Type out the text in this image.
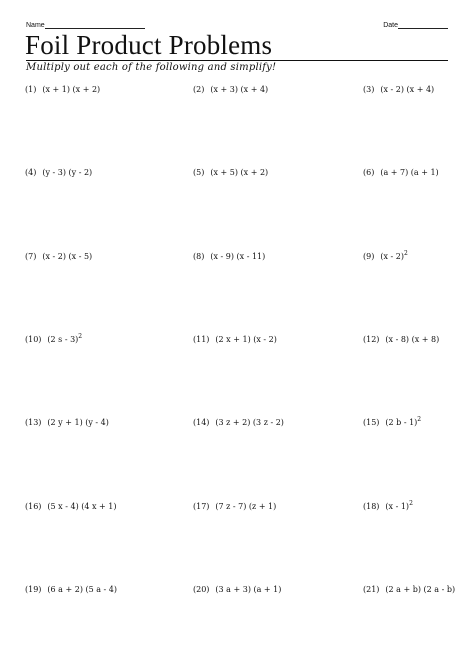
Name	Date
Foil Product Problems
Multiply out each of the following and simplify!
(1) (x + 1) (x + 2)	(2) (x + 3) (x + 4)	(3) (x - 2) (x + 4)
(4) (y - 3) (y - 2)	(5) (x + 5) (x + 2)	(6) (a + 7) (a + 1)
(7) (x - 2) (x - 5)	(8) (x - 9) (x - 11)	(9) (x - 2)$^2$
(10) (2 s - 3)$^2$	(11) (2 x + 1) (x - 2)	(12) (x - 8) (x + 8)
(13) (2 y + 1) (y - 4)	(14) (3 z + 2) (3 z - 2)	(15) (2 b - 1)$^2$
(16) (5 x - 4) (4 x + 1)	(17) (7 z - 7) (z + 1)	(18) (x - 1)$^2$
(19) (6 a + 2) (5 a - 4)	(20) (3 a + 3) (a + 1)	(21) (2 a + b) (2 a - b)
